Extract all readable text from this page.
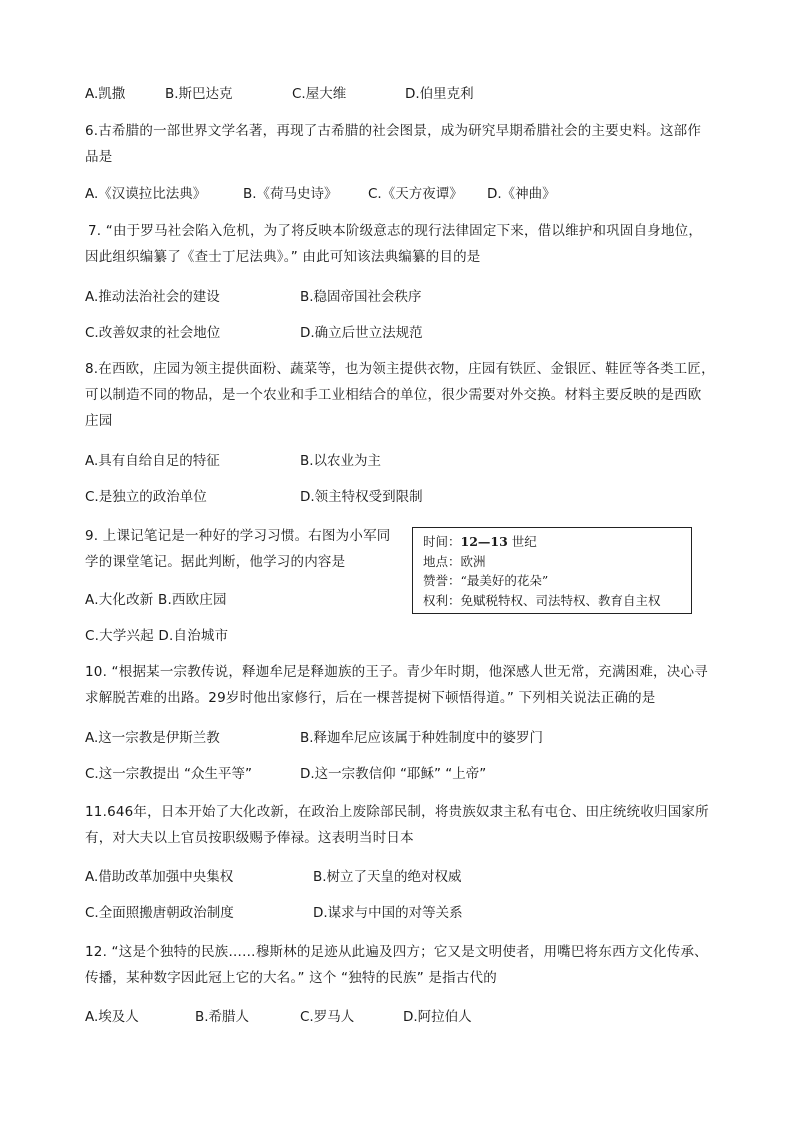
A.凯撒	B.斯巴达克	C.屋大维	D.伯里克利
6.古希腊的一部世界文学名著，再现了古希腊的社会图景，成为研究早期希腊社会的主要史料。这部作
品是
A.《汉谟拉比法典》	B.《荷马史诗》 C.《天方夜谭》 D.《神曲》
7. “由于罗马社会陷入危机，为了将反映本阶级意志的现行法律固定下来，借以维护和巩固自身地位，
因此组织编纂了《查士丁尼法典》。” 由此可知该法典编纂的目的是
A.推动法治社会的建设	B.稳固帝国社会秩序
C.改善奴隶的社会地位	D.确立后世立法规范
8.在西欧，庄园为领主提供面粉、蔬菜等，也为领主提供衣物，庄园有铁匠、金银匠、鞋匠等各类工匠，
可以制造不同的物品，是一个农业和手工业相结合的单位，很少需要对外交换。材料主要反映的是西欧
庄园
A.具有自给自足的特征	B.以农业为主
C.是独立的政治单位	D.领主特权受到限制
9. 上课记笔记是一种好的学习习惯。右图为小军同
学的课堂笔记。据此判断，他学习的内容是
A.大化改新 B.西欧庄园
C.大学兴起 D.自治城市
时间：12—13 世纪
地点：欧洲
赞誉：“最美好的花朵”
权利：免赋税特权、司法特权、教育自主权
10. “根据某一宗教传说，释迦牟尼是释迦族的王子。青少年时期，他深感人世无常，充满困难，决心寻
求解脱苦难的出路。29岁时他出家修行，后在一棵菩提树下顿悟得道。” 下列相关说法正确的是
A.这一宗教是伊斯兰教	B.释迦牟尼应该属于种姓制度中的婆罗门
C.这一宗教提出 “众生平等”	D.这一宗教信仰 “耶稣” “上帝”
11.646年，日本开始了大化改新，在政治上废除部民制，将贵族奴隶主私有屯仓、田庄统统收归国家所
有，对大夫以上官员按职级赐予俸禄。这表明当时日本
A.借助改革加强中央集权	B.树立了天皇的绝对权威
C.全面照搬唐朝政治制度	D.谋求与中国的对等关系
12. “这是个独特的民族……穆斯林的足迹从此遍及四方；它又是文明使者，用嘴巴将东西方文化传承、
传播，某种数字因此冠上它的大名。” 这个 “独特的民族” 是指古代的
A.埃及人	B.希腊人	C.罗马人	D.阿拉伯人
